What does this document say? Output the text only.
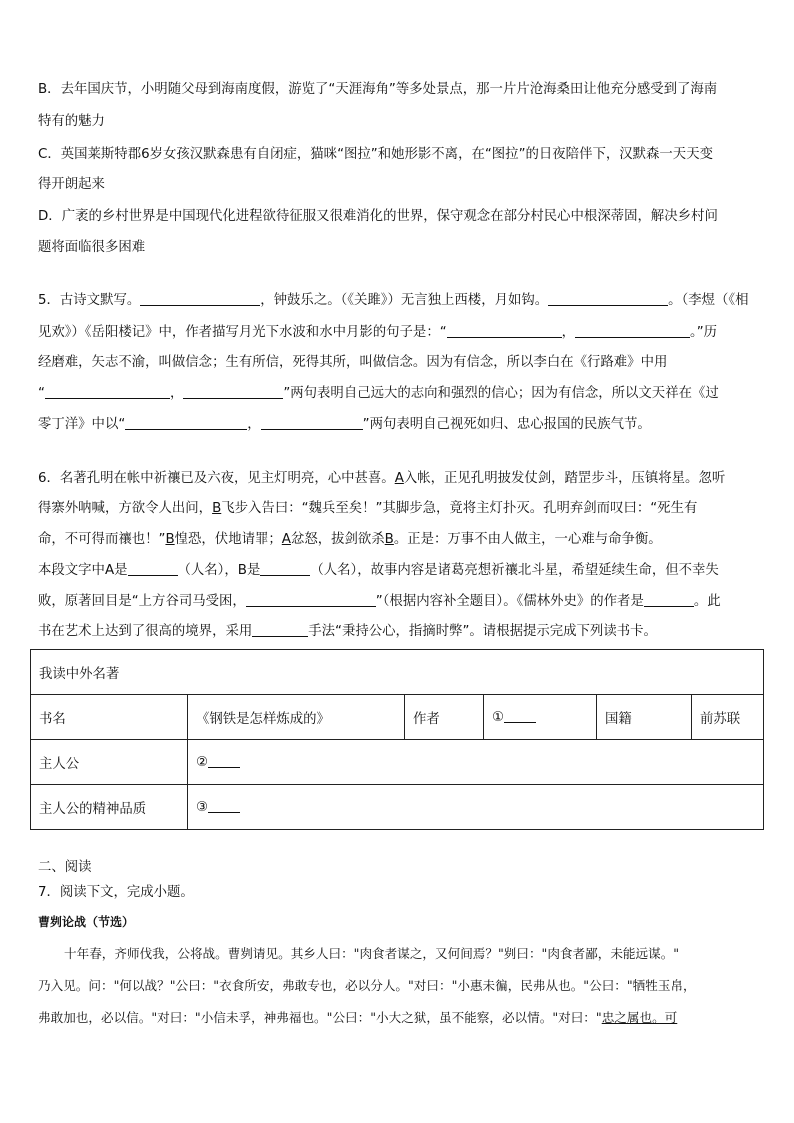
B．去年国庆节，小明随父母到海南度假，游览了“天涯海角”等多处景点，那一片片沧海桑田让他充分感受到了海南
特有的魅力
C．英国莱斯特郡6岁女孩汉默森患有自闭症，猫咪“图拉”和她形影不离，在“图拉”的日夜陪伴下，汉默森一天天变
得开朗起来
D．广袤的乡村世界是中国现代化进程欲待征服又很难消化的世界，保守观念在部分村民心中根深蒂固，解决乡村问
题将面临很多困难
5．古诗文默写。	，钟鼓乐之。（《关雎》）无言独上西楼，月如钩。	。（李煜（《相
见欢》）《岳阳楼记》中，作者描写月光下水波和水中月影的句子是：“	，	。”历
经磨难，矢志不渝，叫做信念；生有所信，死得其所，叫做信念。因为有信念，所以李白在《行路难》中用
“	，	”两句表明自己远大的志向和强烈的信心；因为有信念，所以文天祥在《过
零丁洋》中以“	，	”两句表明自己视死如归、忠心报国的民族气节。
6．名著孔明在帐中祈禳已及六夜，见主灯明亮，心中甚喜。A入帐，正见孔明披发仗剑，踏罡步斗，压镇将星。忽听
得寨外呐喊，方欲令人出问，B飞步入告曰：“魏兵至矣！”其脚步急，竟将主灯扑灭。孔明弃剑而叹曰：“死生有
命，不可得而禳也！”B惶恐，伏地请罪；A忿怒，拔剑欲杀B。正是：万事不由人做主，一心难与命争衡。
本段文字中A是	（人名），B是	（人名），故事内容是诸葛亮想祈禳北斗星，希望延续生命，但不幸失
败，原著回目是“上方谷司马受困，	”（根据内容补全题目）。《儒林外史》的作者是	。此
书在艺术上达到了很高的境界，采用	手法“秉持公心，指摘时弊”。请根据提示完成下列读书卡。
我读中外名著					
书名	《钢铁是怎样炼成的》	作者	①	国籍	前苏联
主人公	②				
主人公的精神品质	③				
二、阅读
7．阅读下文，完成小题。
曹刿论战（节选）
十年春，齐师伐我，公将战。曹刿请见。其乡人曰："肉食者谋之，又何间焉？"刿曰："肉食者鄙，未能远谋。"
乃入见。问："何以战？"公曰："衣食所安，弗敢专也，必以分人。"对曰："小惠未徧，民弗从也。"公曰："牺牲玉帛，
弗敢加也，必以信。"对曰："小信未孚，神弗福也。"公曰："小大之狱，虽不能察，必以情。"对曰："忠之属也。可
